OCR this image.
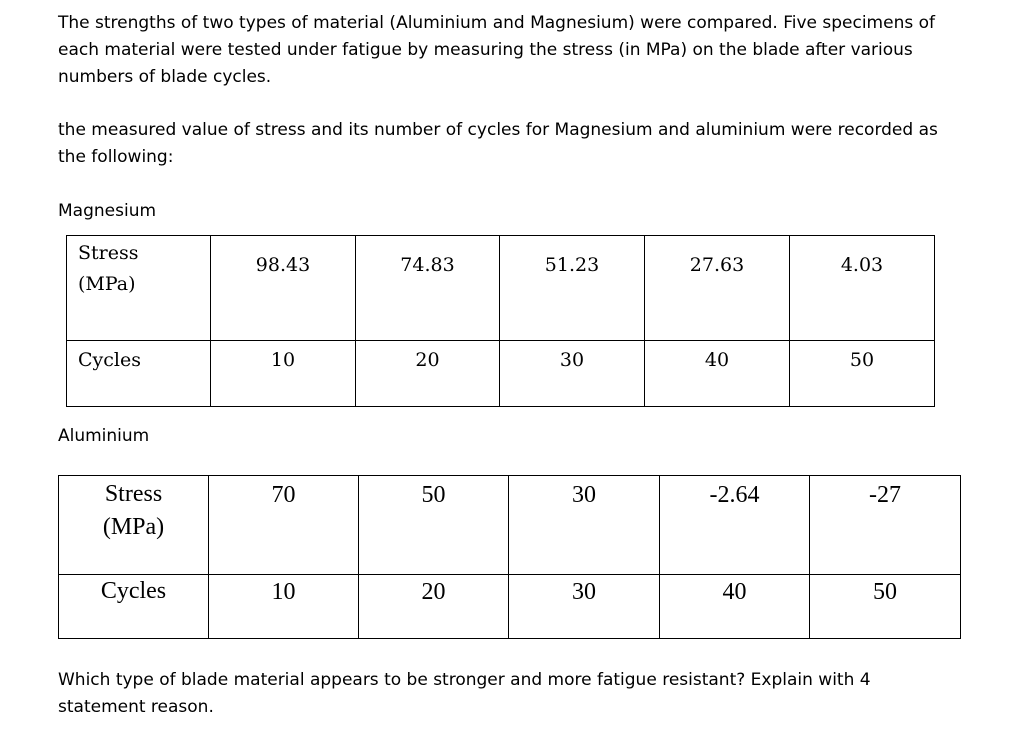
The strengths of two types of material (Aluminium and Magnesium) were compared. Five specimens of each material were tested under fatigue by measuring the stress (in MPa) on the blade after various numbers of blade cycles.

the measured value of stress and its number of cycles for Magnesium and aluminium were recorded as the following:

Magnesium

Stress
(MPa)	98.43	74.83	51.23	27.63	4.03
Cycles	10	20	30	40	50

Aluminium

Stress
(MPa)	70	50	30	-2.64	-27
Cycles	10	20	30	40	50

Which type of blade material appears to be stronger and more fatigue resistant? Explain with 4 statement reason.
